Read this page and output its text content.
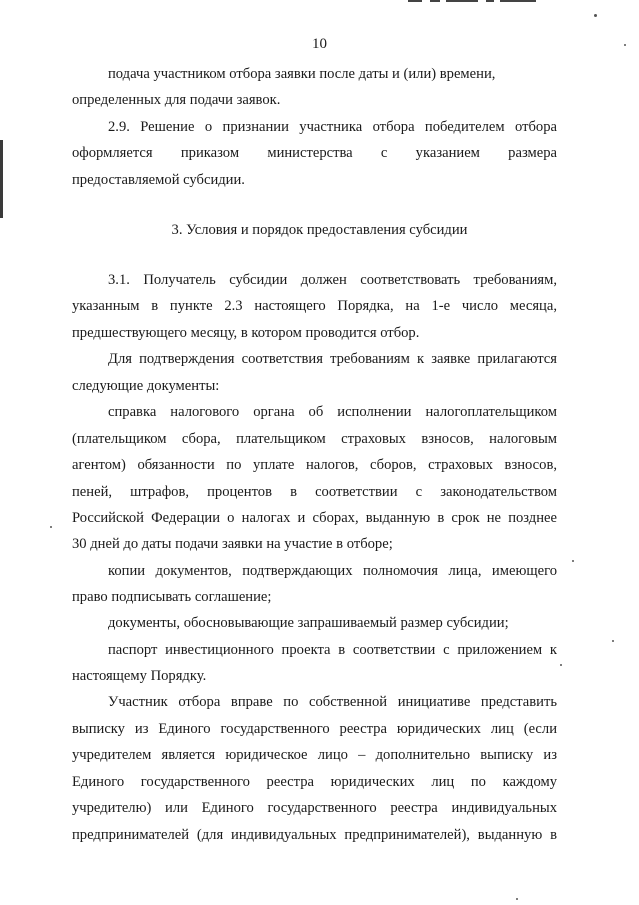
10
подача участником отбора заявки после даты и (или) времени,
определенных для подачи заявок.
2.9. Решение о признании участника отбора победителем отбора
оформляется приказом министерства с указанием размера
предоставляемой субсидии.
3. Условия и порядок предоставления субсидии
3.1. Получатель субсидии должен соответствовать требованиям,
указанным в пункте 2.3 настоящего Порядка, на 1-е число месяца,
предшествующего месяцу, в котором проводится отбор.
Для подтверждения соответствия требованиям к заявке прилагаются
следующие документы:
справка налогового органа об исполнении налогоплательщиком
(плательщиком сбора, плательщиком страховых взносов, налоговым
агентом) обязанности по уплате налогов, сборов, страховых взносов,
пеней, штрафов, процентов в соответствии с законодательством
Российской Федерации о налогах и сборах, выданную в срок не позднее
30 дней до даты подачи заявки на участие в отборе;
копии документов, подтверждающих полномочия лица, имеющего
право подписывать соглашение;
документы, обосновывающие запрашиваемый размер субсидии;
паспорт инвестиционного проекта в соответствии с приложением к
настоящему Порядку.
Участник отбора вправе по собственной инициативе представить
выписку из Единого государственного реестра юридических лиц (если
учредителем является юридическое лицо – дополнительно выписку из
Единого государственного реестра юридических лиц по каждому
учредителю) или Единого государственного реестра индивидуальных
предпринимателей (для индивидуальных предпринимателей), выданную в
